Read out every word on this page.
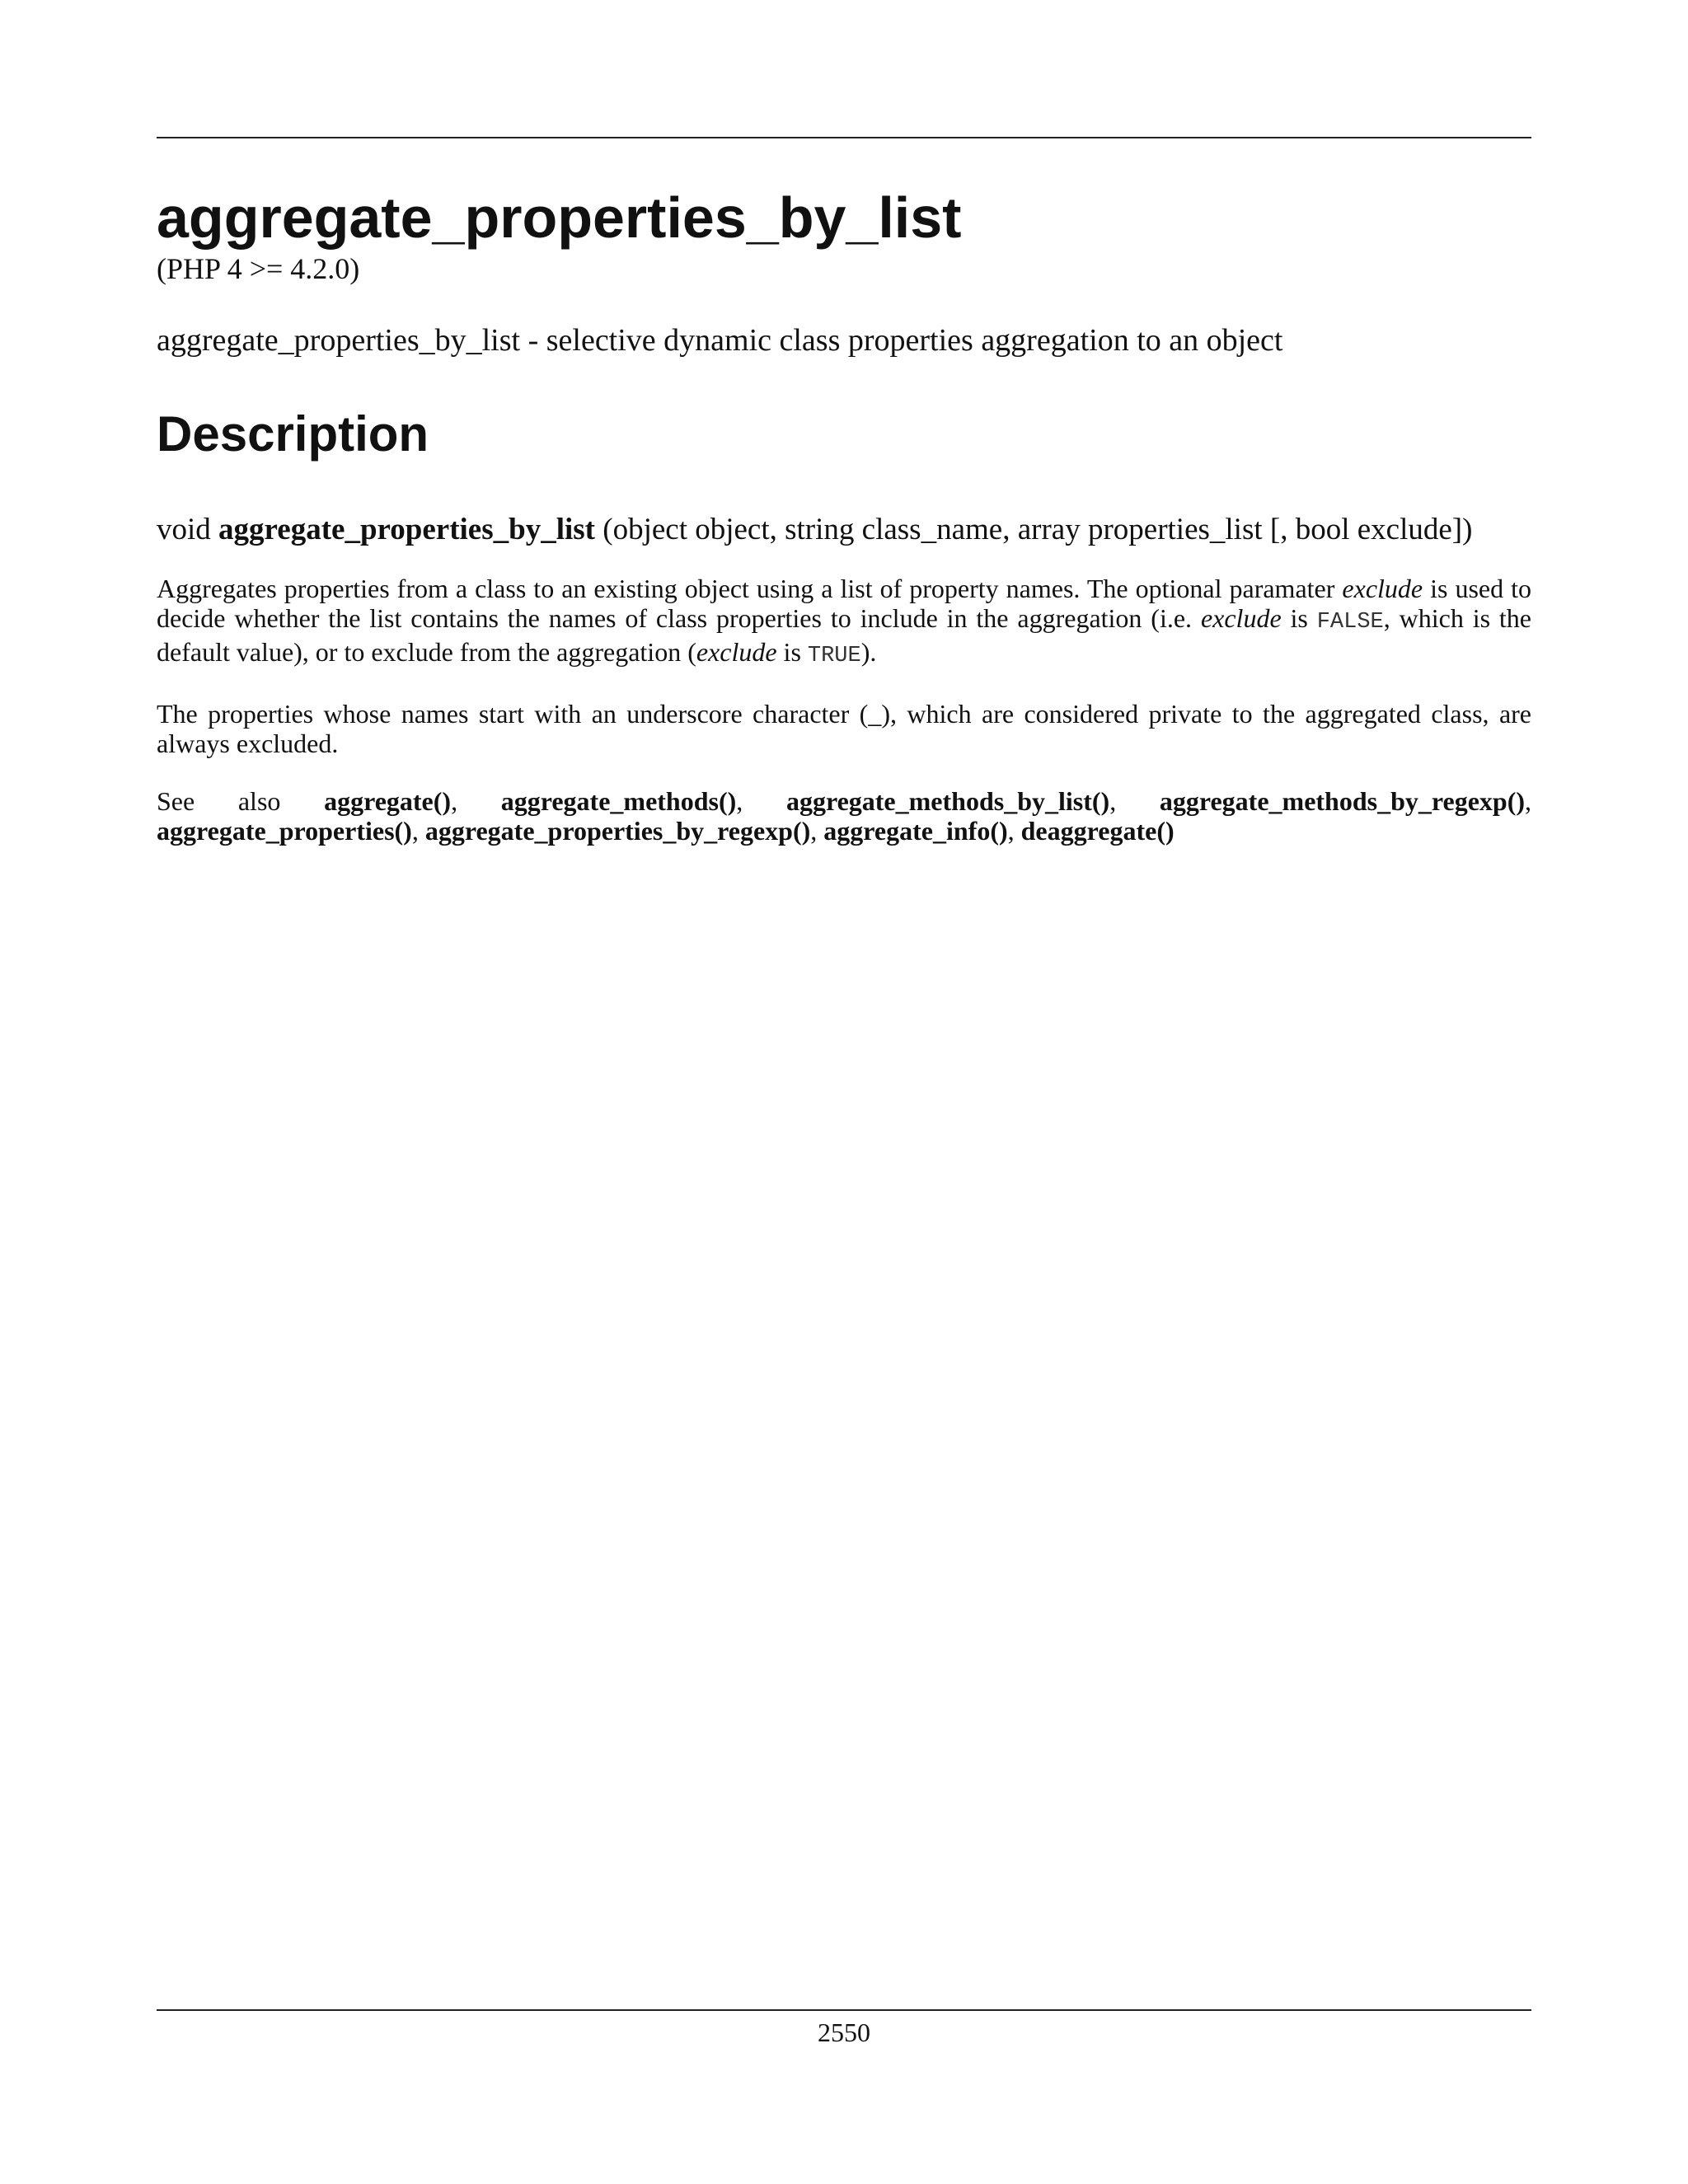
aggregate_properties_by_list
(PHP 4 >= 4.2.0)
aggregate_properties_by_list - selective dynamic class properties aggregation to an object
Description
void aggregate_properties_by_list (object object, string class_name, array properties_list [, bool exclude])

Aggregates properties from a class to an existing object using a list of property names. The optional paramater exclude is used to decide whether the list contains the names of class properties to include in the aggregation (i.e. exclude is FALSE, which is the default value), or to exclude from the aggregation (exclude is TRUE).

The properties whose names start with an underscore character (_), which are considered private to the aggregated class, are always excluded.

See also aggregate(), aggregate_methods(), aggregate_methods_by_list(), aggregate_methods_by_regexp(), aggregate_properties(), aggregate_properties_by_regexp(), aggregate_info(), deaggregate()

2550
